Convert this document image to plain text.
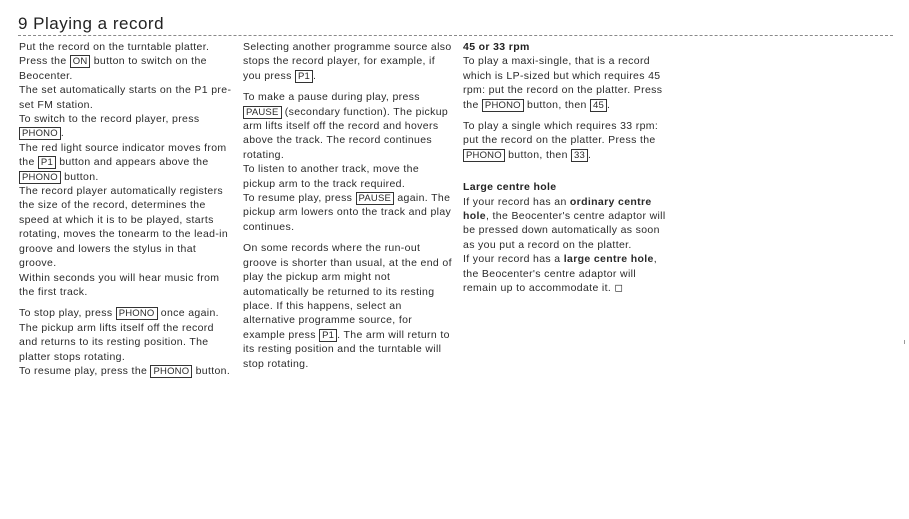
9 Playing a record

Put the record on the turntable platter.

Press the ON button to switch on the Beocenter.

The set automatically starts on the P1 pre-set FM station.

To switch to the record player, press PHONO .

The red light source indicator moves from the P1 button and appears above the PHONO button.

The record player automatically registers the size of the record, determines the speed at which it is to be played, starts rotating, moves the tonearm to the lead-in groove and lowers the stylus in that groove.

Within seconds you will hear music from the first track.

To stop play, press PHONO once again.

The pickup arm lifts itself off the record and returns to its resting position. The platter stops rotating.

To resume play, press the PHONO button.

Selecting another programme source also stops the record player, for example, if you press P1 .

To make a pause during play, press PAUSE (secondary function). The pickup arm lifts itself off the record and hovers above the track. The record continues rotating.

To listen to another track, move the pickup arm to the track required.

To resume play, press PAUSE again. The pickup arm lowers onto the track and play continues.

On some records where the run-out groove is shorter than usual, at the end of play the pickup arm might not automatically be returned to its resting place. If this happens, select an alternative programme source, for example press P1 . The arm will return to its resting position and the turntable will stop rotating.

45 or 33 rpm

To play a maxi-single, that is a record which is LP-sized but which requires 45 rpm: put the record on the platter. Press the PHONO button, then 45 .

To play a single which requires 33 rpm: put the record on the platter. Press the PHONO button, then 33 .

Large centre hole

If your record has an ordinary centre hole, the Beocenter's centre adaptor will be pressed down automatically as soon as you put a record on the platter.

If your record has a large centre hole, the Beocenter's centre adaptor will remain up to accommodate it. ◻
